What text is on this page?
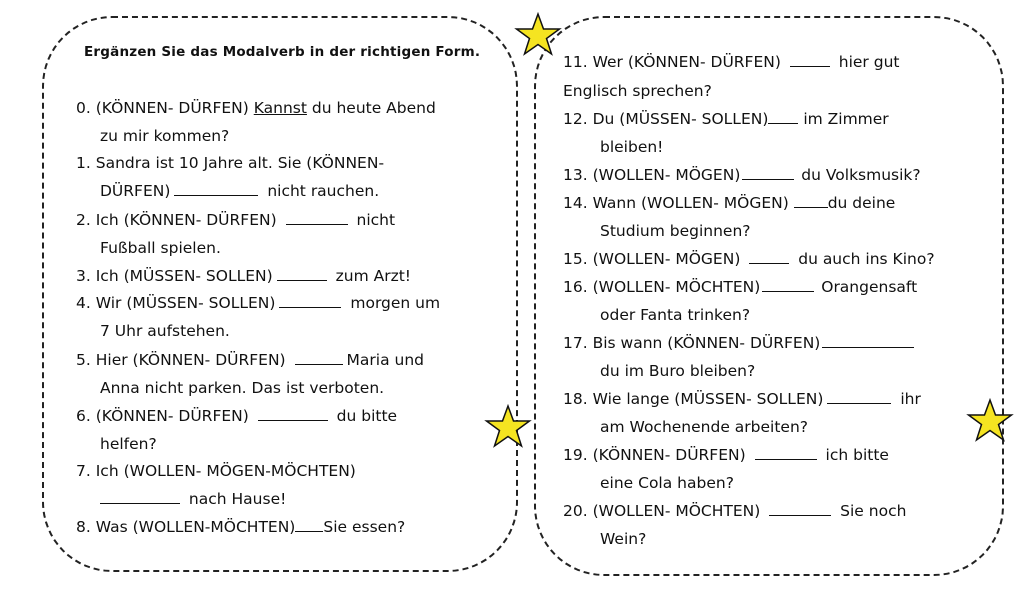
Ergänzen Sie das Modalverb in der richtigen Form.
0. (KÖNNEN- DÜRFEN) Kannst du heute Abend
zu mir kommen?
1. Sandra ist 10 Jahre alt. Sie (KÖNNEN-
DÜRFEN)	nicht rauchen.
2. Ich (KÖNNEN- DÜRFEN)	nicht
Fußball spielen.
3. Ich (MÜSSEN- SOLLEN)	zum Arzt!
4. Wir (MÜSSEN- SOLLEN)	morgen um
7 Uhr aufstehen.
5. Hier (KÖNNEN- DÜRFEN)	Maria und
Anna nicht parken. Das ist verboten.
6. (KÖNNEN- DÜRFEN)	du bitte
helfen?
7. Ich (WOLLEN- MÖGEN-MÖCHTEN)
nach Hause!
8. Was (WOLLEN-MÖCHTEN) Sie essen?
11. Wer (KÖNNEN- DÜRFEN)	hier gut
Englisch sprechen?
12. Du (MÜSSEN- SOLLEN) im Zimmer
bleiben!
13. (WOLLEN- MÖGEN)	du Volksmusik?
14. Wann (WOLLEN- MÖGEN) du deine
Studium beginnen?
15. (WOLLEN- MÖGEN)	du auch ins Kino?
16. (WOLLEN- MÖCHTEN)	Orangensaft
oder Fanta trinken?
17. Bis wann (KÖNNEN- DÜRFEN)
du im Buro bleiben?
18. Wie lange (MÜSSEN- SOLLEN)	ihr
am Wochenende arbeiten?
19. (KÖNNEN- DÜRFEN)	ich bitte
eine Cola haben?
20. (WOLLEN- MÖCHTEN)	Sie noch
Wein?
